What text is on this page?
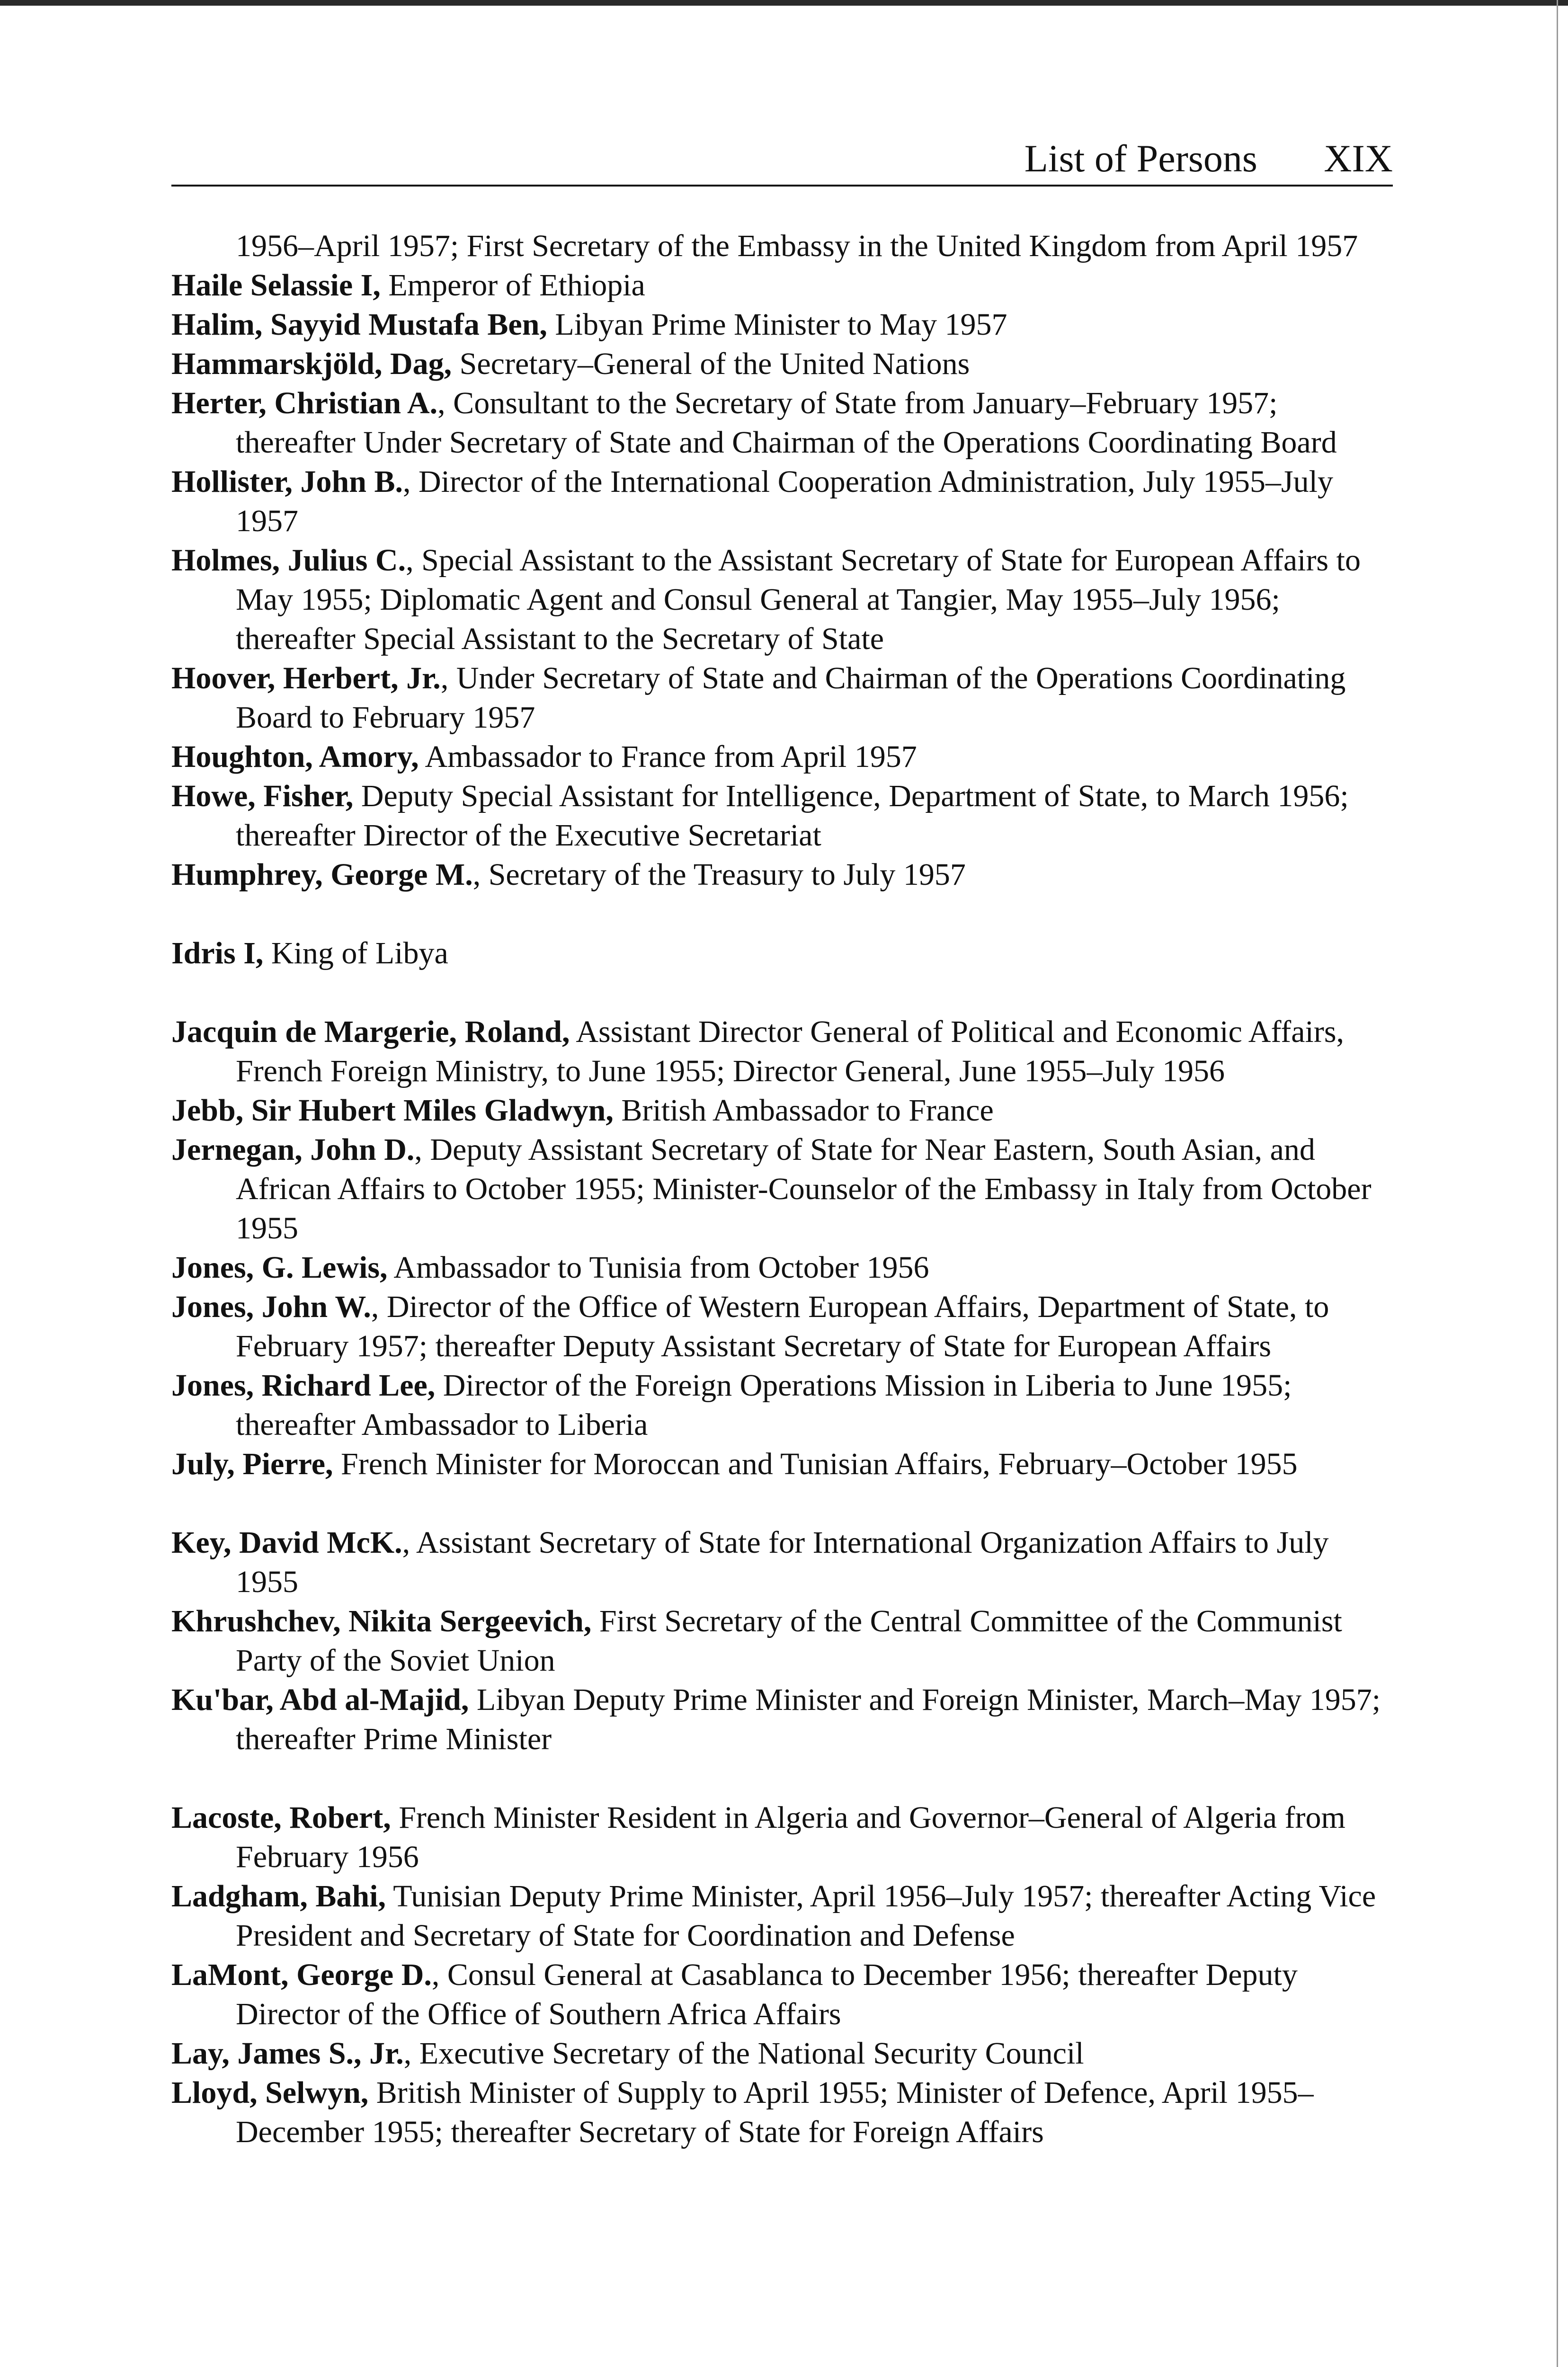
List of Persons XIX
1956–April 1957; First Secretary of the Embassy in the United Kingdom from April 1957
Haile Selassie I, Emperor of Ethiopia
Halim, Sayyid Mustafa Ben, Libyan Prime Minister to May 1957
Hammarskjöld, Dag, Secretary–General of the United Nations
Herter, Christian A., Consultant to the Secretary of State from January–February 1957; thereafter Under Secretary of State and Chairman of the Operations Coordinating Board
Hollister, John B., Director of the International Cooperation Administration, July 1955–July 1957
Holmes, Julius C., Special Assistant to the Assistant Secretary of State for European Affairs to May 1955; Diplomatic Agent and Consul General at Tangier, May 1955–July 1956; thereafter Special Assistant to the Secretary of State
Hoover, Herbert, Jr., Under Secretary of State and Chairman of the Operations Coordinating Board to February 1957
Houghton, Amory, Ambassador to France from April 1957
Howe, Fisher, Deputy Special Assistant for Intelligence, Department of State, to March 1956; thereafter Director of the Executive Secretariat
Humphrey, George M., Secretary of the Treasury to July 1957
Idris I, King of Libya
Jacquin de Margerie, Roland, Assistant Director General of Political and Economic Affairs, French Foreign Ministry, to June 1955; Director General, June 1955–July 1956
Jebb, Sir Hubert Miles Gladwyn, British Ambassador to France
Jernegan, John D., Deputy Assistant Secretary of State for Near Eastern, South Asian, and African Affairs to October 1955; Minister-Counselor of the Embassy in Italy from October 1955
Jones, G. Lewis, Ambassador to Tunisia from October 1956
Jones, John W., Director of the Office of Western European Affairs, Department of State, to February 1957; thereafter Deputy Assistant Secretary of State for European Affairs
Jones, Richard Lee, Director of the Foreign Operations Mission in Liberia to June 1955; thereafter Ambassador to Liberia
July, Pierre, French Minister for Moroccan and Tunisian Affairs, February–October 1955
Key, David McK., Assistant Secretary of State for International Organization Affairs to July 1955
Khrushchev, Nikita Sergeevich, First Secretary of the Central Committee of the Communist Party of the Soviet Union
Ku'bar, Abd al-Majid, Libyan Deputy Prime Minister and Foreign Minister, March–May 1957; thereafter Prime Minister
Lacoste, Robert, French Minister Resident in Algeria and Governor–General of Algeria from February 1956
Ladgham, Bahi, Tunisian Deputy Prime Minister, April 1956–July 1957; thereafter Acting Vice President and Secretary of State for Coordination and Defense
LaMont, George D., Consul General at Casablanca to December 1956; thereafter Deputy Director of the Office of Southern Africa Affairs
Lay, James S., Jr., Executive Secretary of the National Security Council
Lloyd, Selwyn, British Minister of Supply to April 1955; Minister of Defence, April 1955–December 1955; thereafter Secretary of State for Foreign Affairs
